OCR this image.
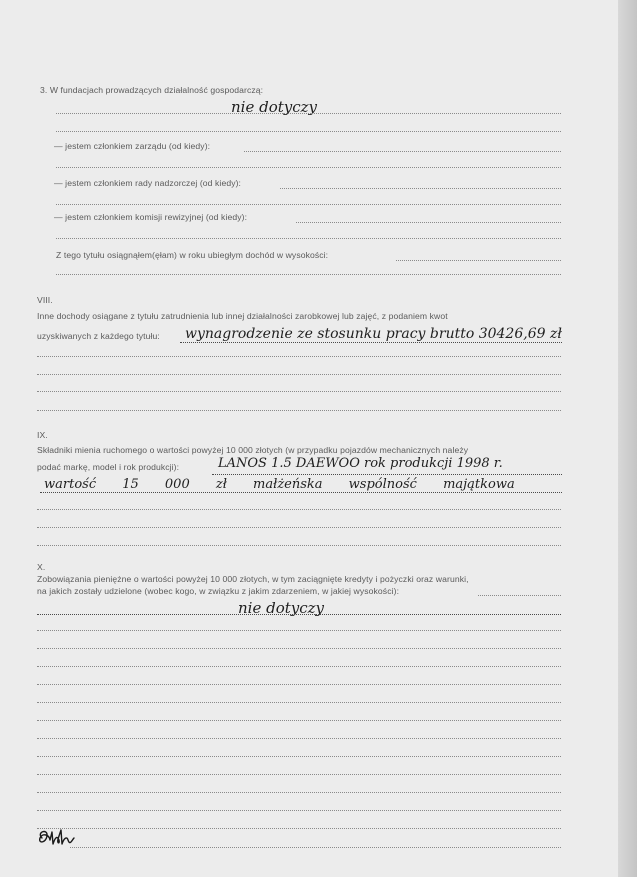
3. W fundacjach prowadzących działalność gospodarczą:
nie dotyczy
— jestem członkiem zarządu (od kiedy):
— jestem członkiem rady nadzorczej (od kiedy):
— jestem członkiem komisji rewizyjnej (od kiedy):
Z tego tytułu osiągnąłem(ęłam) w roku ubiegłym dochód w wysokości:
VIII.
Inne dochody osiągane z tytułu zatrudnienia lub innej działalności zarobkowej lub zajęć, z podaniem kwot
uzyskiwanych z każdego tytułu: wynagrodzenie ze stosunku pracy brutto 30426,69 zł
IX.
Składniki mienia ruchomego o wartości powyżej 10 000 złotych (w przypadku pojazdów mechanicznych należy
podać markę, model i rok produkcji):	LANOS 1.5 DAEWOO rok produkcji 1998 r.
wartość 15 000 zł małżeńska wspólność majątkowa
X.
Zobowiązania pieniężne o wartości powyżej 10 000 złotych, w tym zaciągnięte kredyty i pożyczki oraz warunki,
na jakich zostały udzielone (wobec kogo, w związku z jakim zdarzeniem, w jakiej wysokości):
nie dotyczy
